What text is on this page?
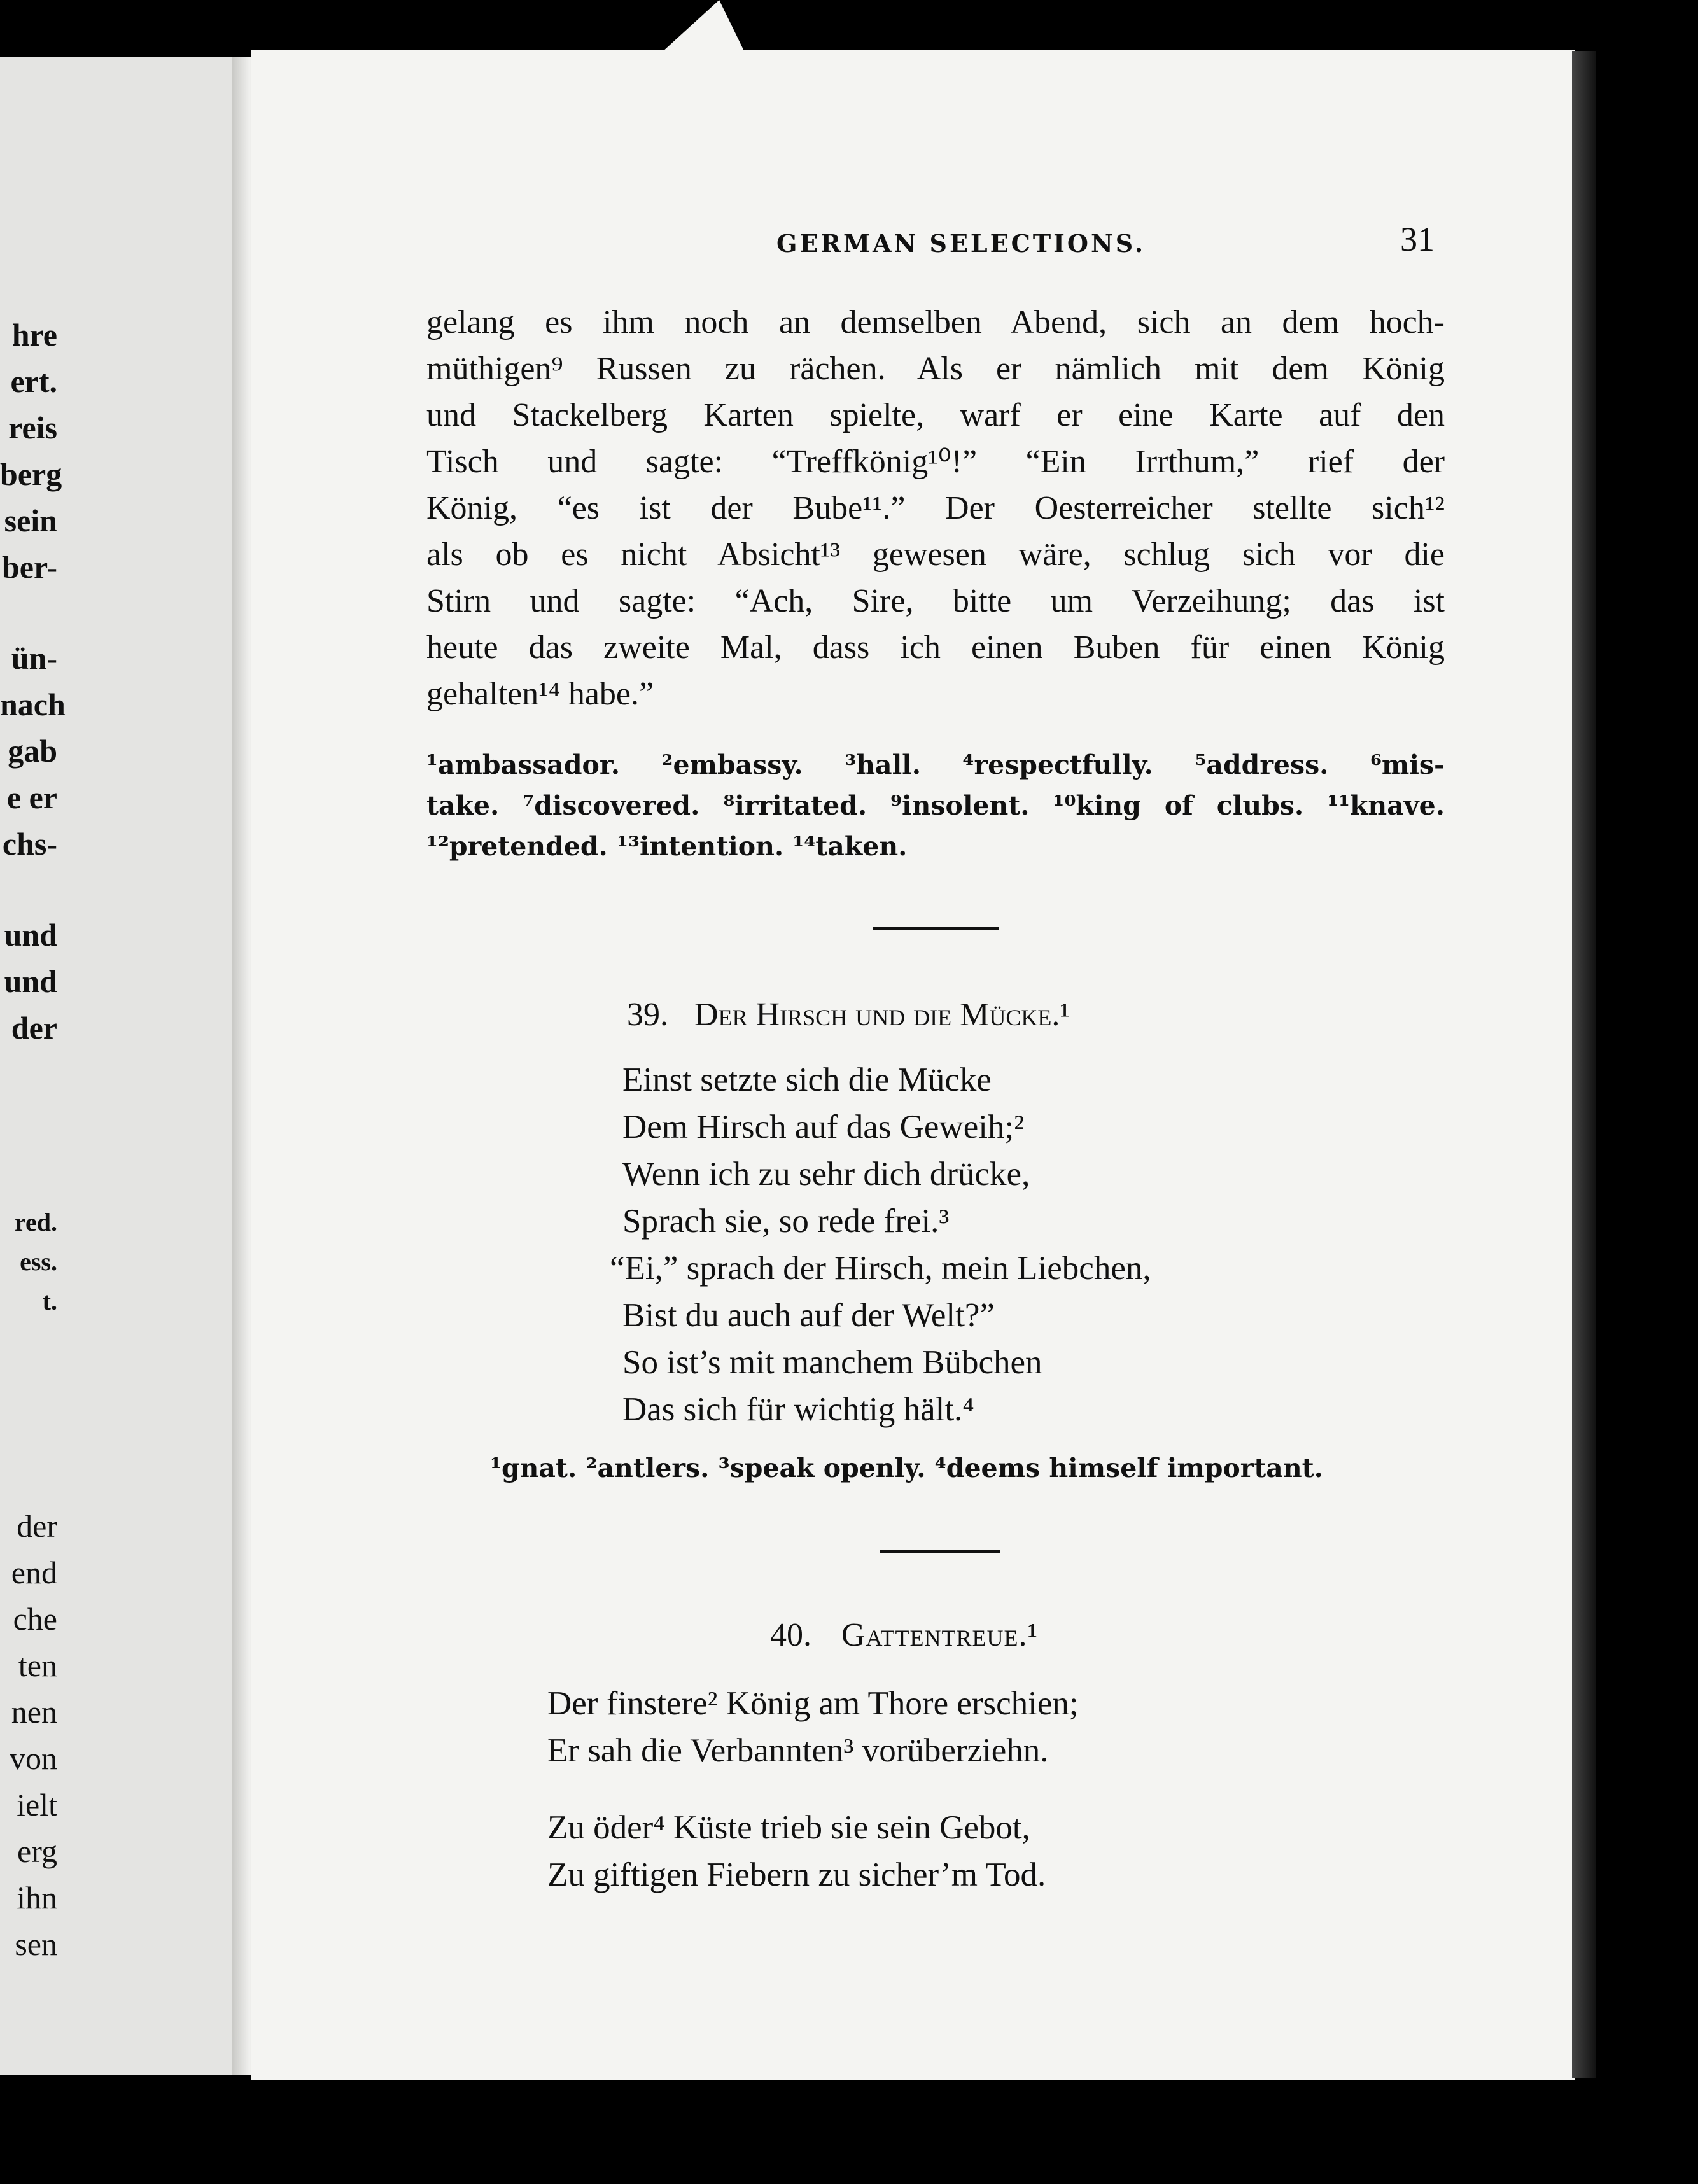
hre
ert.
reis
berg
sein
ber-
ün-
nach
gab
e er
chs-
und
und
der
red.
ess.
t.
der
end
che
ten
nen
von
ielt
erg
ihn
sen
GERMAN SELECTIONS.	31
gelang es ihm noch an demselben Abend, sich an dem hoch-
müthigen⁹ Russen zu rächen. Als er nämlich mit dem König
und Stackelberg Karten spielte, warf er eine Karte auf den
Tisch und sagte: “Treffkönig¹⁰!” “Ein Irrthum,” rief der
König, “es ist der Bube¹¹.” Der Oesterreicher stellte sich¹²
als ob es nicht Absicht¹³ gewesen wäre, schlug sich vor die
Stirn und sagte: “Ach, Sire, bitte um Verzeihung; das ist
heute das zweite Mal, dass ich einen Buben für einen König
gehalten¹⁴ habe.”
¹ambassador. ²embassy. ³hall. ⁴respectfully. ⁵address. ⁶mis-
take. ⁷discovered. ⁸irritated. ⁹insolent. ¹⁰king of clubs. ¹¹knave.
¹²pretended. ¹³intention. ¹⁴taken.
39. Der Hirsch und die Mücke.¹
Einst setzte sich die Mücke
Dem Hirsch auf das Geweih;²
Wenn ich zu sehr dich drücke,
Sprach sie, so rede frei.³
“Ei,” sprach der Hirsch, mein Liebchen,
Bist du auch auf der Welt?”
So ist’s mit manchem Bübchen
Das sich für wichtig hält.⁴
¹gnat. ²antlers. ³speak openly. ⁴deems himself important.
40. Gattentreue.¹
Der finstere² König am Thore erschien;
Er sah die Verbannten³ vorüberziehn.
Zu öder⁴ Küste trieb sie sein Gebot,
Zu giftigen Fiebern zu sicher’m Tod.
